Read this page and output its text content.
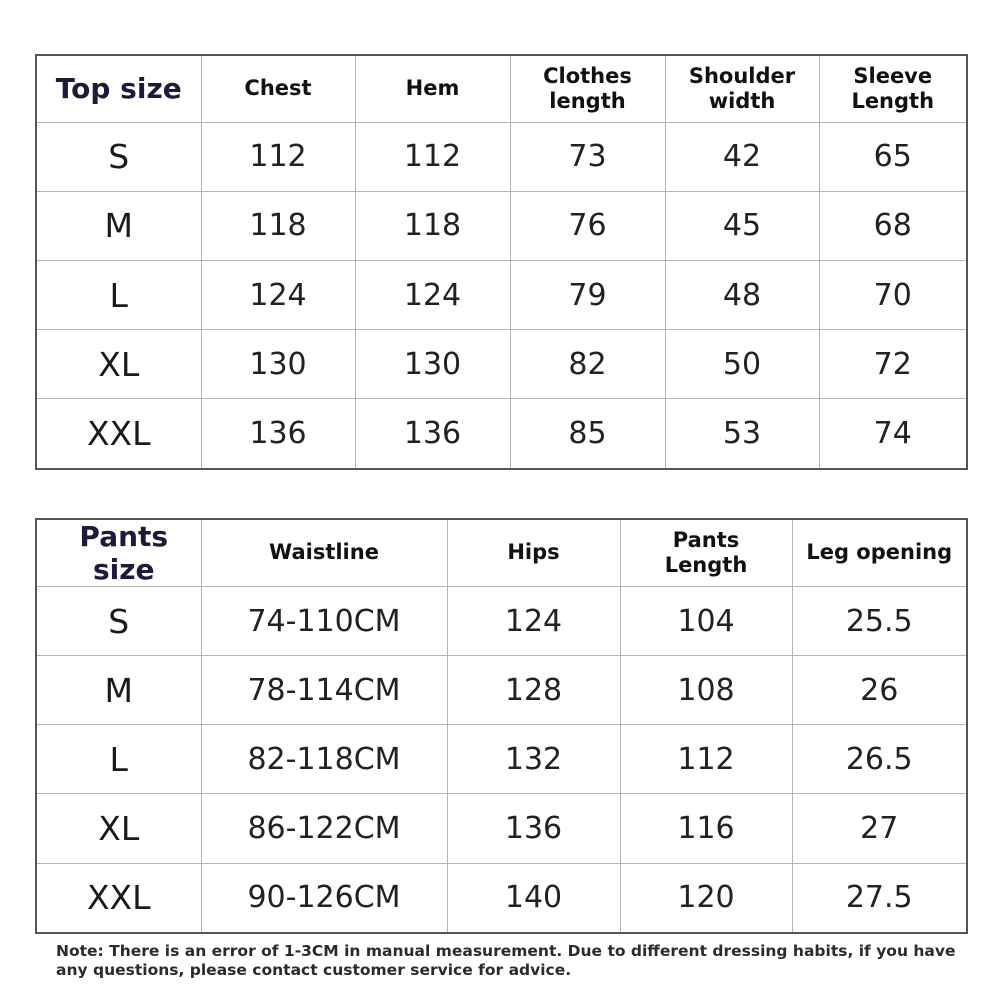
Top size	Chest	Hem	Clothes length	Shoulder width	Sleeve Length
S	112	112	73	42	65
M	118	118	76	45	68
L	124	124	79	48	70
XL	130	130	82	50	72
XXL	136	136	85	53	74
Pants size	Waistline	Hips	Pants Length	Leg opening
S	74-110CM	124	104	25.5
M	78-114CM	128	108	26
L	82-118CM	132	112	26.5
XL	86-122CM	136	116	27
XXL	90-126CM	140	120	27.5
Note: There is an error of 1-3CM in manual measurement. Due to different dressing habits, if you have any questions, please contact customer service for advice.
